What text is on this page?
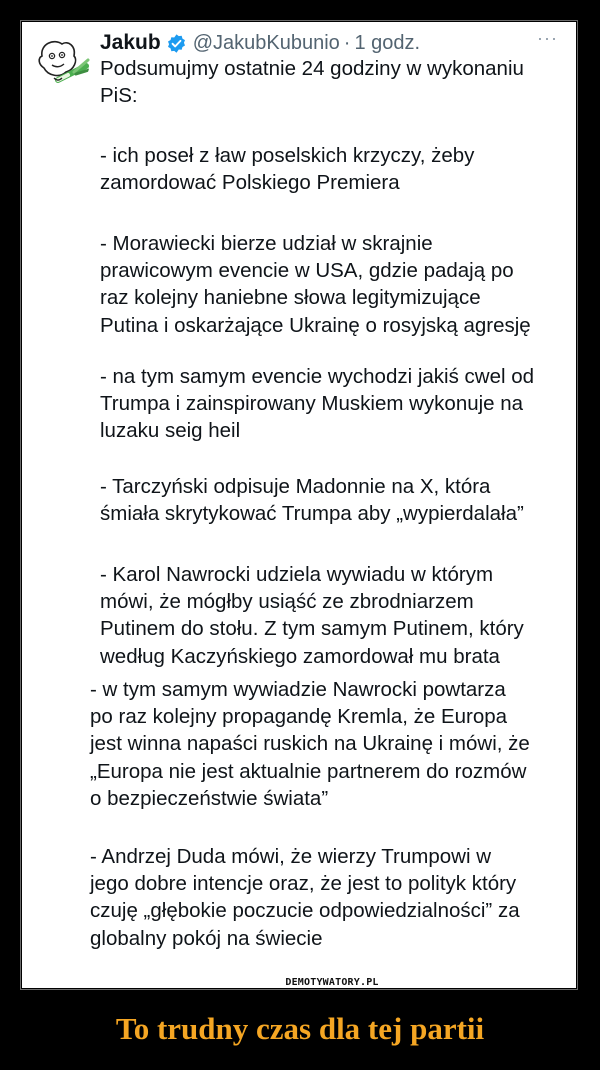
Jakub @JakubKubunio · 1 godz.	···

Podsumujmy ostatnie 24 godziny w wykonaniu

PiS:

- ich poseł z ław poselskich krzyczy, żeby

zamordować Polskiego Premiera

- Morawiecki bierze udział w skrajnie

prawicowym evencie w USA, gdzie padają po

raz kolejny haniebne słowa legitymizujące

Putina i oskarżające Ukrainę o rosyjską agresję

- na tym samym evencie wychodzi jakiś cwel od

Trumpa i zainspirowany Muskiem wykonuje na

luzaku seig heil

- Tarczyński odpisuje Madonnie na X, która

śmiała skrytykować Trumpa aby „wypierdalała”

- Karol Nawrocki udziela wywiadu w którym

mówi, że mógłby usiąść ze zbrodniarzem

Putinem do stołu. Z tym samym Putinem, który

według Kaczyńskiego zamordował mu brata

- w tym samym wywiadzie Nawrocki powtarza

po raz kolejny propagandę Kremla, że Europa

jest winna napaści ruskich na Ukrainę i mówi, że

„Europa nie jest aktualnie partnerem do rozmów

o bezpieczeństwie świata”

- Andrzej Duda mówi, że wierzy Trumpowi w

jego dobre intencje oraz, że jest to polityk który

czuję „głębokie poczucie odpowiedzialności” za

globalny pokój na świecie

DEMOTYWATORY.PL

To trudny czas dla tej partii
